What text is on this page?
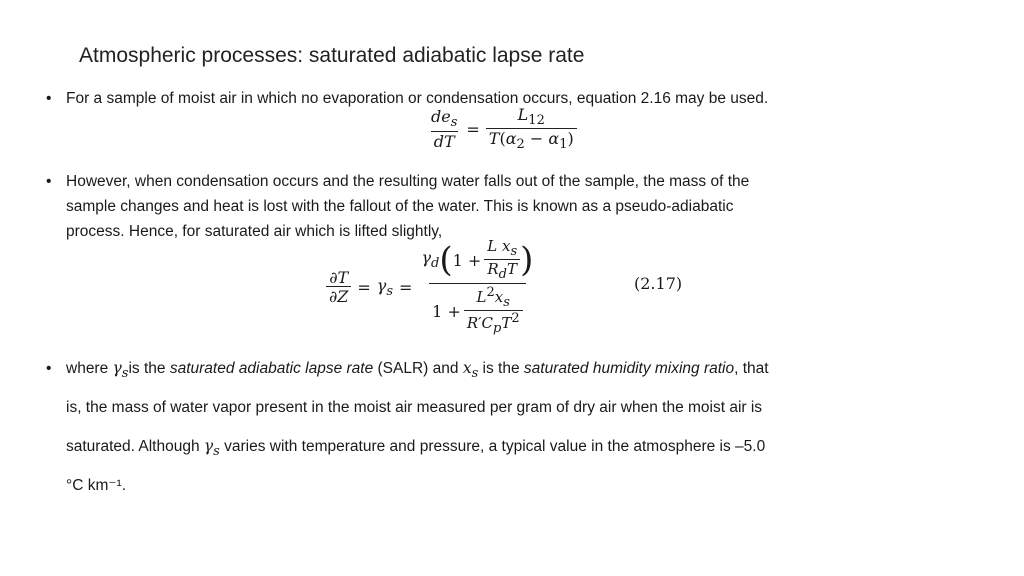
Atmospheric processes: saturated adiabatic lapse rate
• For a sample of moist air in which no evaporation or condensation occurs, equation 2.16 may be used.
$\frac{de_s}{dT} = \frac{L_{12}}{T(\alpha_2 - \alpha_1)}$
• However, when condensation occurs and the resulting water falls out of the sample, the mass of the
sample changes and heat is lost with the fallout of the water. This is known as a pseudo-adiabatic
process. Hence, for saturated air which is lifted slightly,
$\frac{\partial T}{\partial Z} = \gamma_s$ =
$\gamma_d$ ( $1 + \frac{L x_s}{R_dT}$ )
$1 + \frac{L^2x_s}{R'C_pT^2}$
(2.17)
• where $\gamma_sis$ the saturated adiabatic lapse rate (SALR) and $x_s$ is the saturated humidity mixing ratio, that
is, the mass of water vapor present in the moist air measured per gram of dry air when the moist air is
saturated. Although $\gamma_s$ varies with temperature and pressure, a typical value in the atmosphere is –5.0
°C km⁻¹.
